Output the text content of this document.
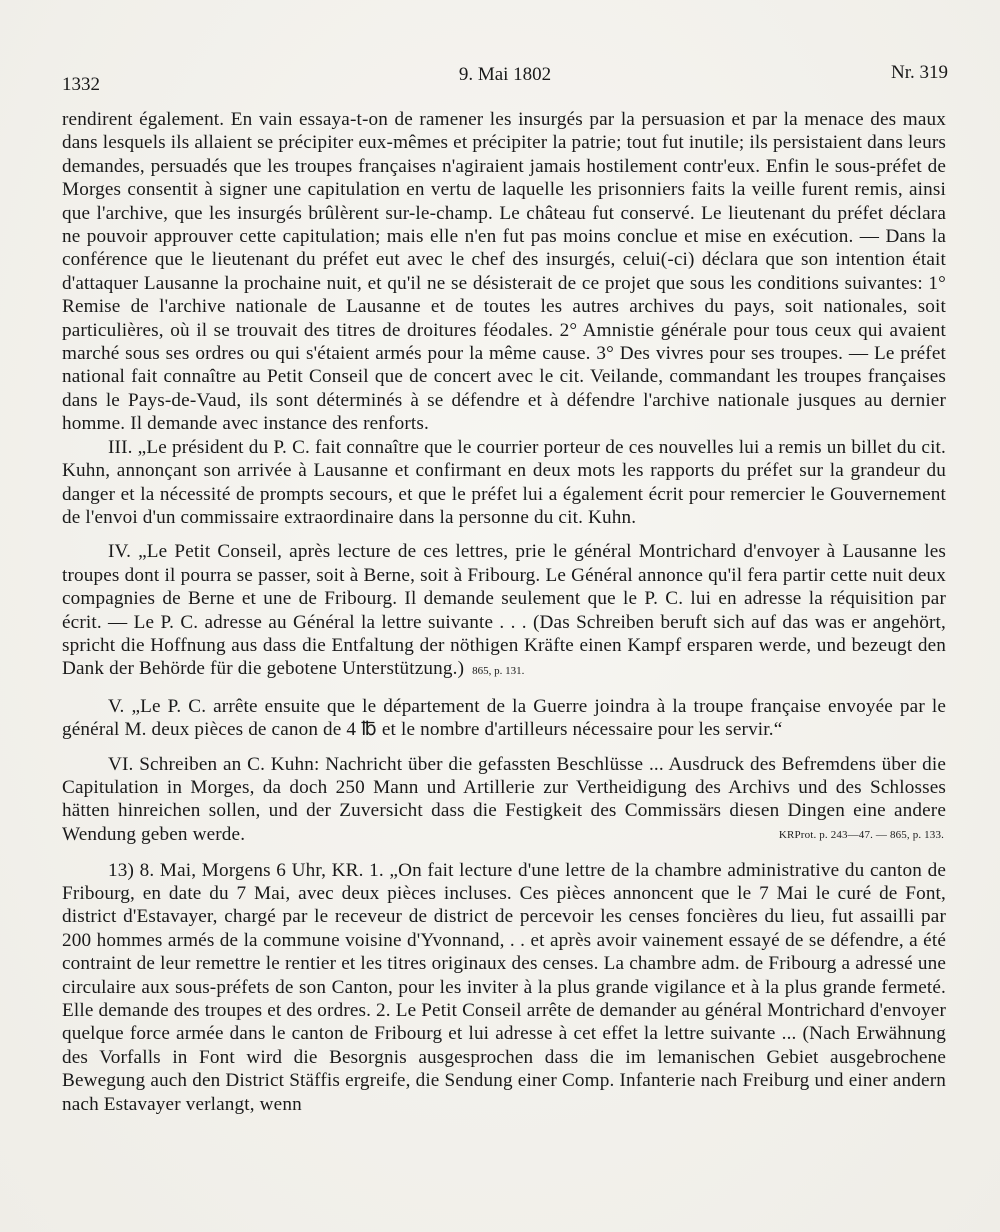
1332	9. Mai 1802	Nr. 319

rendirent également. En vain essaya-t-on de ramener les insurgés par la persuasion et par la menace des maux dans lesquels ils allaient se précipiter eux-mêmes et précipiter la patrie; tout fut inutile; ils persistaient dans leurs demandes, persuadés que les troupes françaises n'agiraient jamais hostilement contr'eux. Enfin le sous-préfet de Morges consentit à signer une capitulation en vertu de laquelle les prisonniers faits la veille furent remis, ainsi que l'archive, que les insurgés brûlèrent sur-le-champ. Le château fut conservé. Le lieutenant du préfet déclara ne pouvoir approuver cette capitulation; mais elle n'en fut pas moins conclue et mise en exécution. — Dans la conférence que le lieutenant du préfet eut avec le chef des insurgés, celui(-ci) déclara que son intention était d'attaquer Lausanne la prochaine nuit, et qu'il ne se désisterait de ce projet que sous les conditions suivantes: 1° Remise de l'archive nationale de Lausanne et de toutes les autres archives du pays, soit nationales, soit particulières, où il se trouvait des titres de droitures féodales. 2° Amnistie générale pour tous ceux qui avaient marché sous ses ordres ou qui s'étaient armés pour la même cause. 3° Des vivres pour ses troupes. — Le préfet national fait connaître au Petit Conseil que de concert avec le cit. Veilande, commandant les troupes françaises dans le Pays-de-Vaud, ils sont déterminés à se défendre et à défendre l'archive nationale jusques au dernier homme. Il demande avec instance des renforts.

III. „Le président du P. C. fait connaître que le courrier porteur de ces nouvelles lui a remis un billet du cit. Kuhn, annonçant son arrivée à Lausanne et confirmant en deux mots les rapports du préfet sur la grandeur du danger et la nécessité de prompts secours, et que le préfet lui a également écrit pour remercier le Gouvernement de l'envoi d'un commissaire extraordinaire dans la personne du cit. Kuhn.

IV. „Le Petit Conseil, après lecture de ces lettres, prie le général Montrichard d'envoyer à Lausanne les troupes dont il pourra se passer, soit à Berne, soit à Fribourg. Le Général annonce qu'il fera partir cette nuit deux compagnies de Berne et une de Fribourg. Il demande seulement que le P. C. lui en adresse la réquisition par écrit. — Le P. C. adresse au Général la lettre suivante . . . (Das Schreiben beruft sich auf das was er angehört, spricht die Hoffnung aus dass die Entfaltung der nöthigen Kräfte einen Kampf ersparen werde, und bezeugt den Dank der Behörde für die gebotene Unterstützung.) 865, p. 131.

V. „Le P. C. arrête ensuite que le département de la Guerre joindra à la troupe française envoyée par le général M. deux pièces de canon de 4 ℔ et le nombre d'artilleurs nécessaire pour les servir.“

VI. Schreiben an C. Kuhn: Nachricht über die gefassten Beschlüsse ... Ausdruck des Befremdens über die Capitulation in Morges, da doch 250 Mann und Artillerie zur Vertheidigung des Archivs und des Schlosses hätten hinreichen sollen, und der Zuversicht dass die Festigkeit des Commissärs diesen Dingen eine andere Wendung geben werde.	KRProt. p. 243—47. — 865, p. 133.

13) 8. Mai, Morgens 6 Uhr, KR. 1. „On fait lecture d'une lettre de la chambre administrative du canton de Fribourg, en date du 7 Mai, avec deux pièces incluses. Ces pièces annoncent que le 7 Mai le curé de Font, district d'Estavayer, chargé par le receveur de district de percevoir les censes foncières du lieu, fut assailli par 200 hommes armés de la commune voisine d'Yvonnand, . . et après avoir vainement essayé de se défendre, a été contraint de leur remettre le rentier et les titres originaux des censes. La chambre adm. de Fribourg a adressé une circulaire aux sous-préfets de son Canton, pour les inviter à la plus grande vigilance et à la plus grande fermeté. Elle demande des troupes et des ordres. 2. Le Petit Conseil arrête de demander au général Montrichard d'envoyer quelque force armée dans le canton de Fribourg et lui adresse à cet effet la lettre suivante ... (Nach Erwähnung des Vorfalls in Font wird die Besorgnis ausgesprochen dass die im lemanischen Gebiet ausgebrochene Bewegung auch den District Stäffis ergreife, die Sendung einer Comp. Infanterie nach Freiburg und einer andern nach Estavayer verlangt, wenn
